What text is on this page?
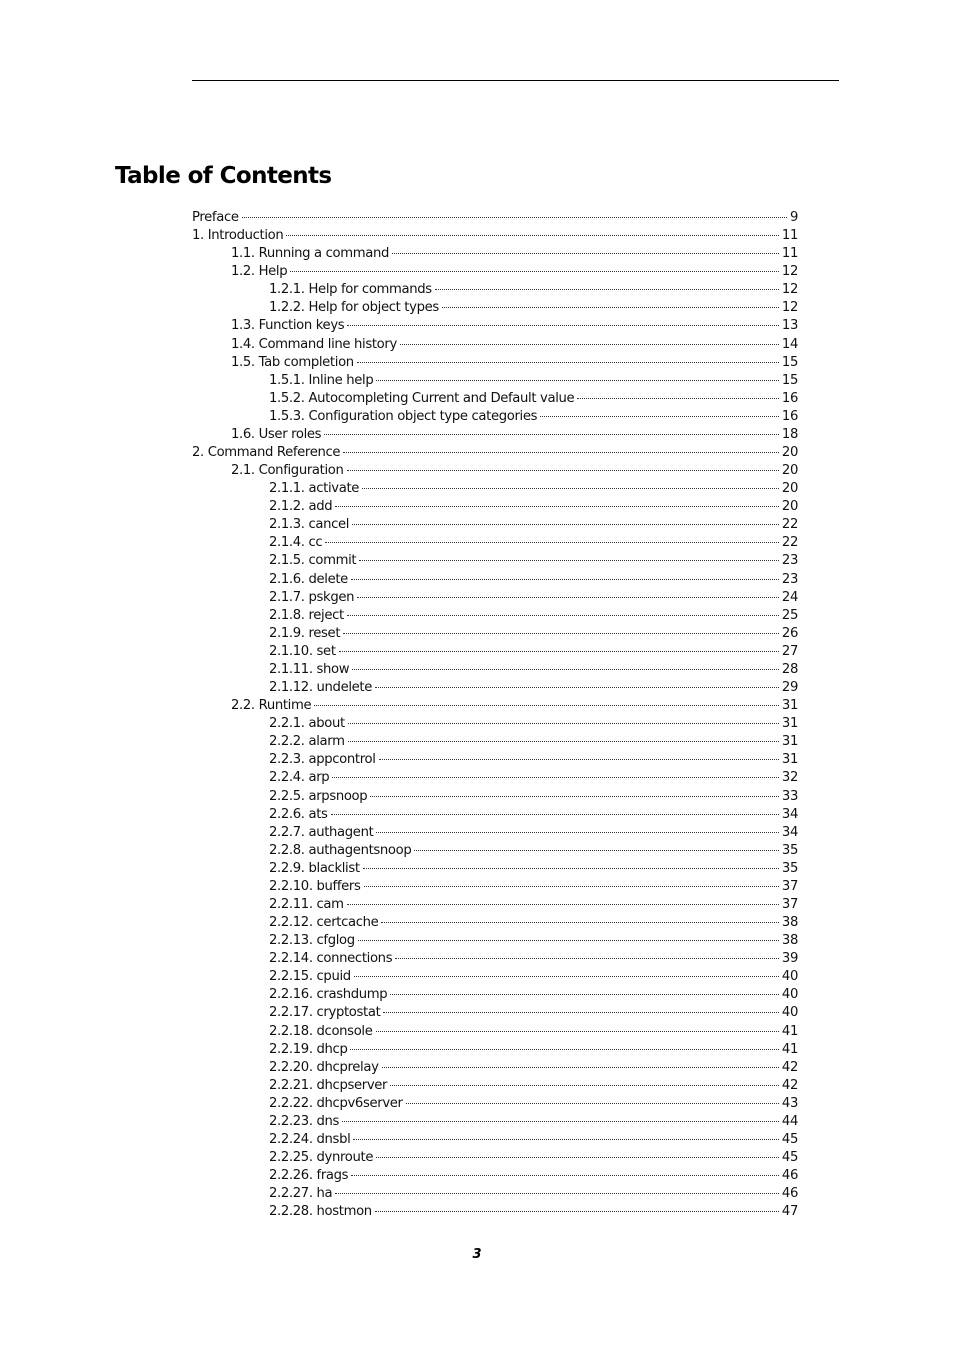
Table of Contents
Preface	9
1. Introduction	11
1.1. Running a command	11
1.2. Help	12
1.2.1. Help for commands	12
1.2.2. Help for object types	12
1.3. Function keys	13
1.4. Command line history	14
1.5. Tab completion	15
1.5.1. Inline help	15
1.5.2. Autocompleting Current and Default value	16
1.5.3. Configuration object type categories	16
1.6. User roles	18
2. Command Reference	20
2.1. Configuration	20
2.1.1. activate	20
2.1.2. add	20
2.1.3. cancel	22
2.1.4. cc	22
2.1.5. commit	23
2.1.6. delete	23
2.1.7. pskgen	24
2.1.8. reject	25
2.1.9. reset	26
2.1.10. set	27
2.1.11. show	28
2.1.12. undelete	29
2.2. Runtime	31
2.2.1. about	31
2.2.2. alarm	31
2.2.3. appcontrol	31
2.2.4. arp	32
2.2.5. arpsnoop	33
2.2.6. ats	34
2.2.7. authagent	34
2.2.8. authagentsnoop	35
2.2.9. blacklist	35
2.2.10. buffers	37
2.2.11. cam	37
2.2.12. certcache	38
2.2.13. cfglog	38
2.2.14. connections	39
2.2.15. cpuid	40
2.2.16. crashdump	40
2.2.17. cryptostat	40
2.2.18. dconsole	41
2.2.19. dhcp	41
2.2.20. dhcprelay	42
2.2.21. dhcpserver	42
2.2.22. dhcpv6server	43
2.2.23. dns	44
2.2.24. dnsbl	45
2.2.25. dynroute	45
2.2.26. frags	46
2.2.27. ha	46
2.2.28. hostmon	47
3
